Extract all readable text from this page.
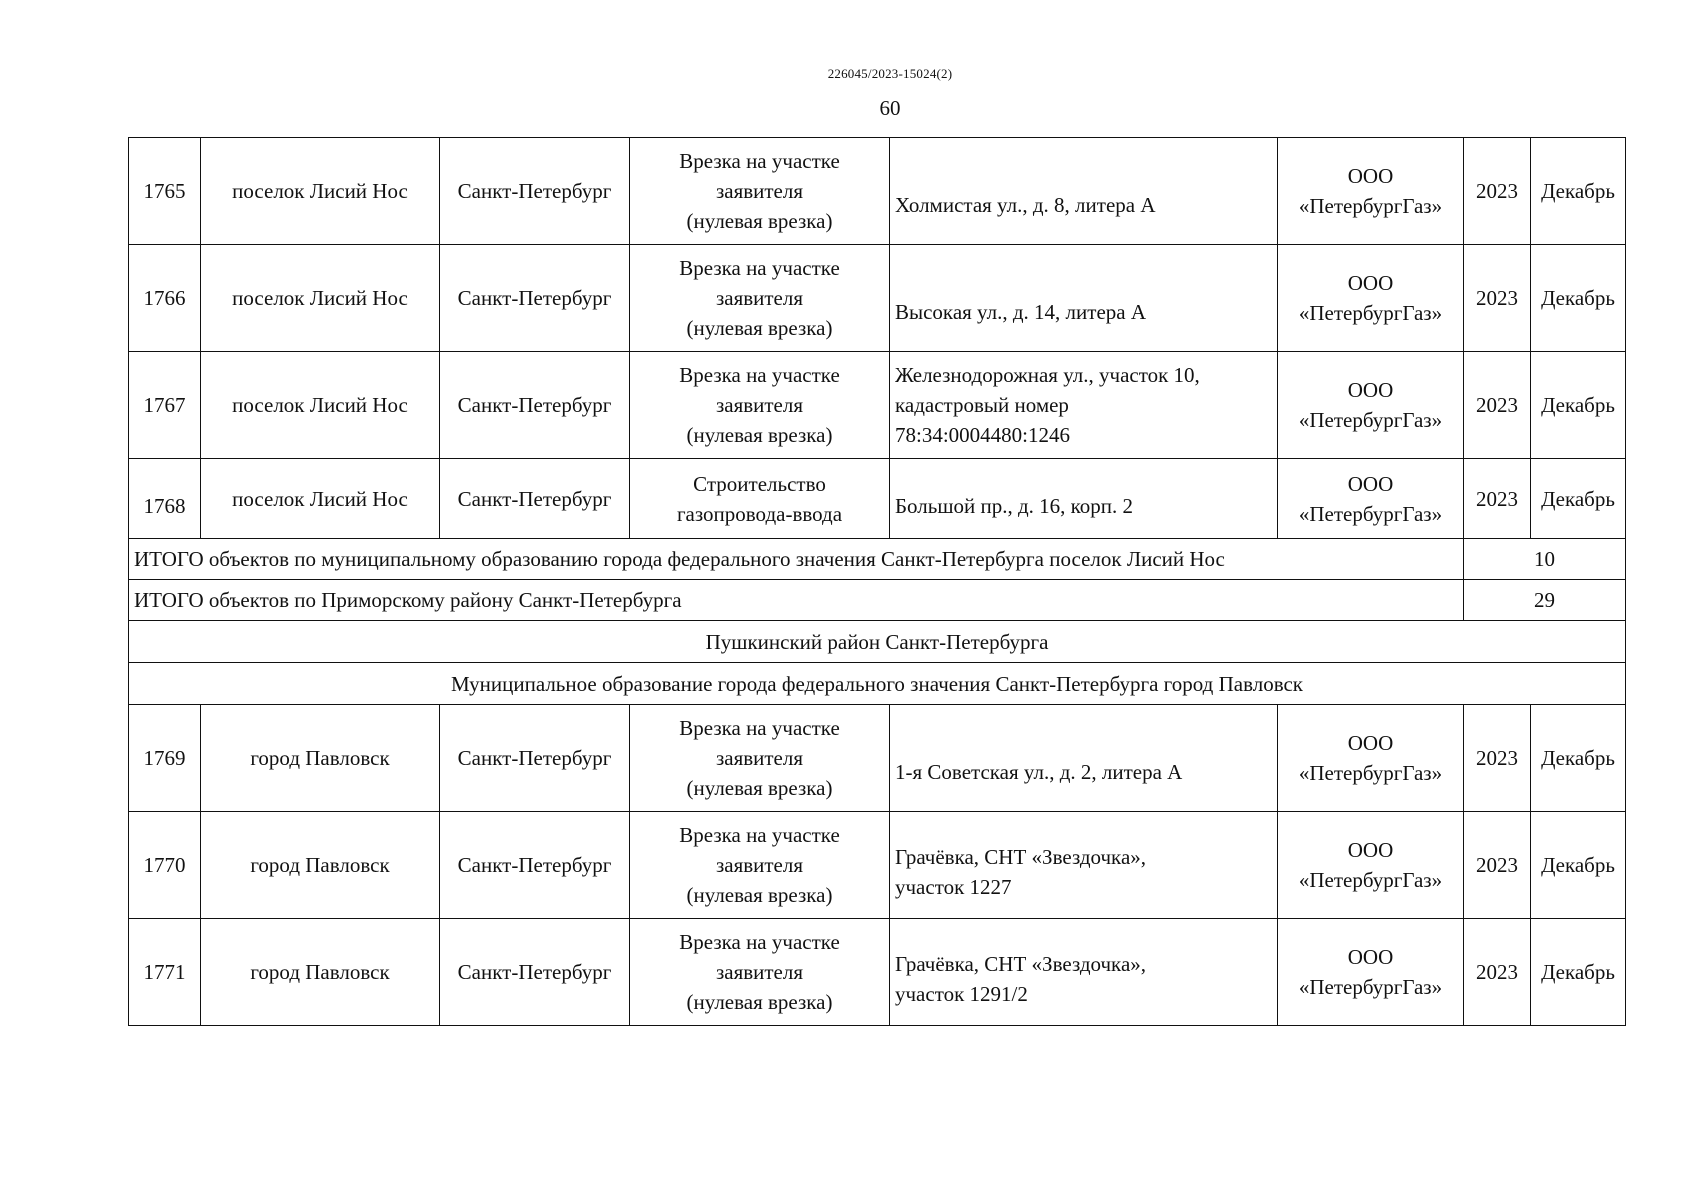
226045/2023-15024(2)
60
1765	поселок Лисий Нос	Санкт-Петербург	Врезка на участке
заявителя
(нулевая врезка)	Холмистая ул., д. 8, литера А	ООО
«ПетербургГаз»	2023	Декабрь
1766	поселок Лисий Нос	Санкт-Петербург	Врезка на участке
заявителя
(нулевая врезка)	Высокая ул., д. 14, литера А	ООО
«ПетербургГаз»	2023	Декабрь
1767	поселок Лисий Нос	Санкт-Петербург	Врезка на участке
заявителя
(нулевая врезка)	Железнодорожная ул., участок 10,
кадастровый номер
78:34:0004480:1246	ООО
«ПетербургГаз»	2023	Декабрь
1768	поселок Лисий Нос	Санкт-Петербург	Строительство
газопровода-ввода	Большой пр., д. 16, корп. 2	ООО
«ПетербургГаз»	2023	Декабрь
ИТОГО объектов по муниципальному образованию города федерального значения Санкт-Петербурга поселок Лисий Нос						10	
ИТОГО объектов по Приморскому району Санкт-Петербурга						29	
Пушкинский район Санкт-Петербурга							
Муниципальное образование города федерального значения Санкт-Петербурга город Павловск							
1769	город Павловск	Санкт-Петербург	Врезка на участке
заявителя
(нулевая врезка)	1-я Советская ул., д. 2, литера А	ООО
«ПетербургГаз»	2023	Декабрь
1770	город Павловск	Санкт-Петербург	Врезка на участке
заявителя
(нулевая врезка)	Грачёвка, СНТ «Звездочка»,
участок 1227	ООО
«ПетербургГаз»	2023	Декабрь
1771	город Павловск	Санкт-Петербург	Врезка на участке
заявителя
(нулевая врезка)	Грачёвка, СНТ «Звездочка»,
участок 1291/2	ООО
«ПетербургГаз»	2023	Декабрь
